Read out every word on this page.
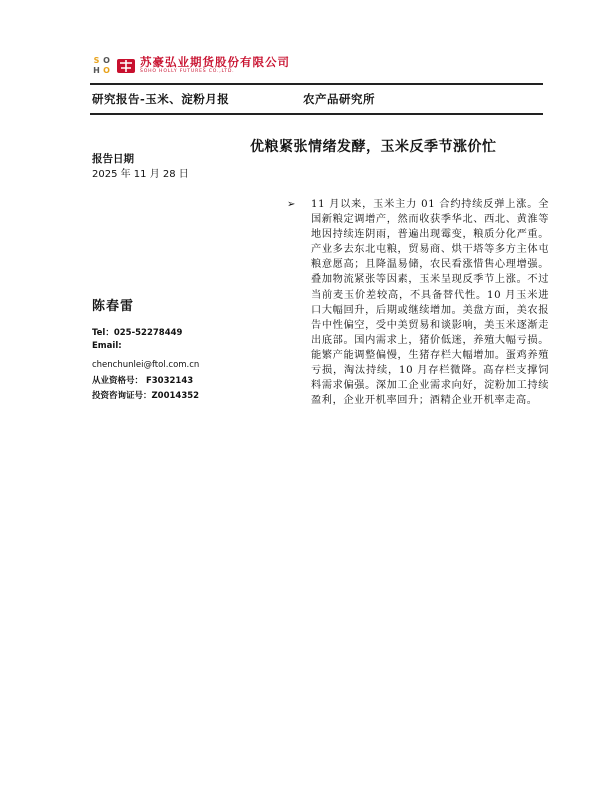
S O
H O
苏豪弘业期货股份有限公司
SOHO HOLLY FUTURES CO.,LTD.
研究报告-玉米、淀粉月报	农产品研究所
优粮紧张情绪发酵，玉米反季节涨价忙
报告日期
2025 年 11 月 28 日
陈春雷
Tel：025-52278449
Email:
chenchunlei@ftol.com.cn
从业资格号： F3032143
投资咨询证号：Z0014352
➢	11 月以来，玉米主力 01 合约持续反弹上涨。全国新粮定调增产，然而收获季华北、西北、黄淮等地因持续连阴雨，普遍出现霉变，粮质分化严重。产业多去东北屯粮，贸易商、烘干塔等多方主体屯粮意愿高；且降温易储，农民看涨惜售心理增强。叠加物流紧张等因素，玉米呈现反季节上涨。不过当前麦玉价差较高，不具备替代性。10 月玉米进口大幅回升，后期或继续增加。美盘方面，美农报告中性偏空，受中美贸易和谈影响，美玉米逐渐走出底部。国内需求上，猪价低迷，养殖大幅亏损。能繁产能调整偏慢，生猪存栏大幅增加。蛋鸡养殖亏损，淘汰持续，10 月存栏微降。高存栏支撑饲料需求偏强。深加工企业需求向好，淀粉加工持续盈利，企业开机率回升；酒精企业开机率走高。
